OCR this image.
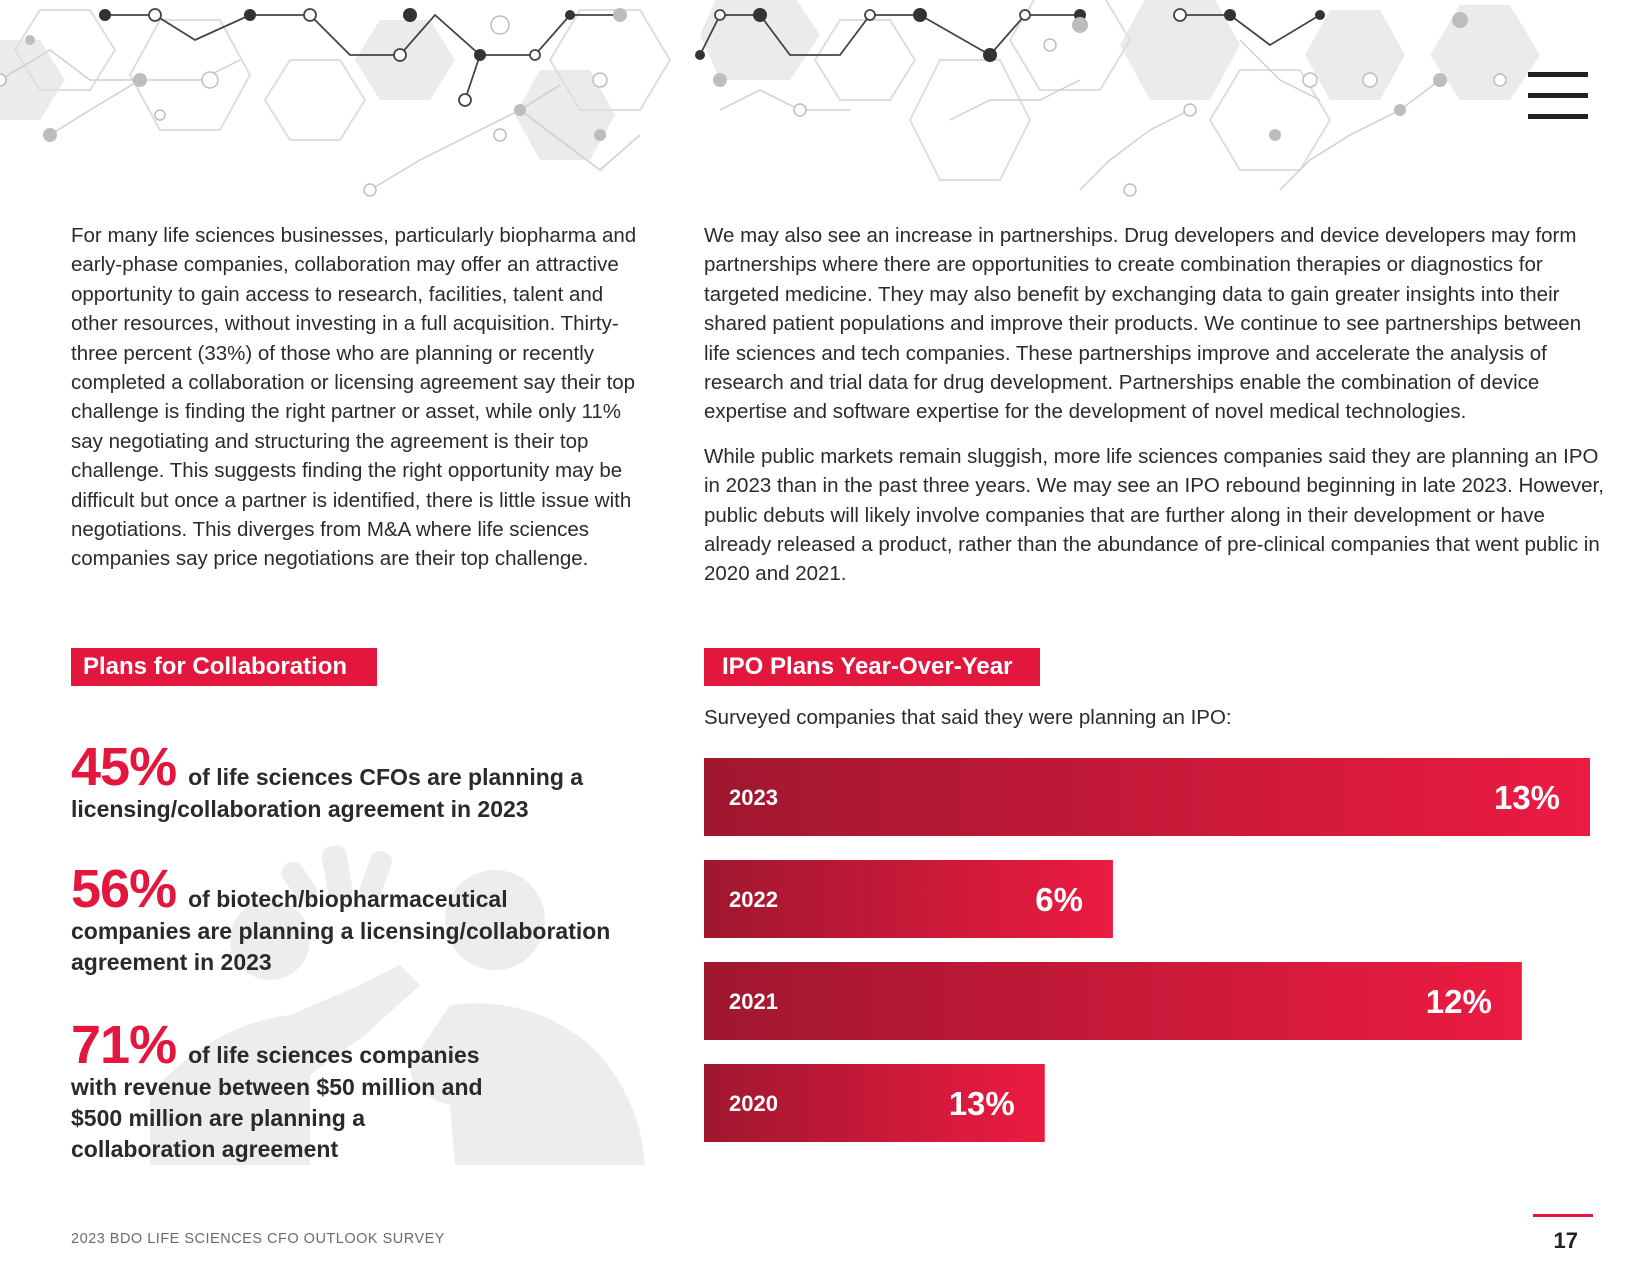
For many life sciences businesses, particularly biopharma and early-phase companies, collaboration may offer an attractive opportunity to gain access to research, facilities, talent and other resources, without investing in a full acquisition. Thirty-three percent (33%) of those who are planning or recently completed a collaboration or licensing agreement say their top challenge is finding the right partner or asset, while only 11% say negotiating and structuring the agreement is their top challenge. This suggests finding the right opportunity may be difficult but once a partner is identified, there is little issue with negotiations. This diverges from M&A where life sciences companies say price negotiations are their top challenge.

We may also see an increase in partnerships. Drug developers and device developers may form partnerships where there are opportunities to create combination therapies or diagnostics for targeted medicine. They may also benefit by exchanging data to gain greater insights into their shared patient populations and improve their products. We continue to see partnerships between life sciences and tech companies. These partnerships improve and accelerate the analysis of research and trial data for drug development. Partnerships enable the combination of device expertise and software expertise for the development of novel medical technologies.

While public markets remain sluggish, more life sciences companies said they are planning an IPO in 2023 than in the past three years. We may see an IPO rebound beginning in late 2023. However, public debuts will likely involve companies that are further along in their development or have already released a product, rather than the abundance of pre-clinical companies that went public in 2020 and 2021.

Plans for Collaboration	IPO Plans Year-Over-Year
45% of life sciences CFOs are planning a licensing/collaboration agreement in 2023
56% of biotech/biopharmaceutical companies are planning a licensing/collaboration agreement in 2023
71% of life sciences companies with revenue between $50 million and $500 million are planning a collaboration agreement
Surveyed companies that said they were planning an IPO:
2023	13%
2022	6%
2021	12%
2020	13%
2023 BDO LIFE SCIENCES CFO OUTLOOK SURVEY	17
